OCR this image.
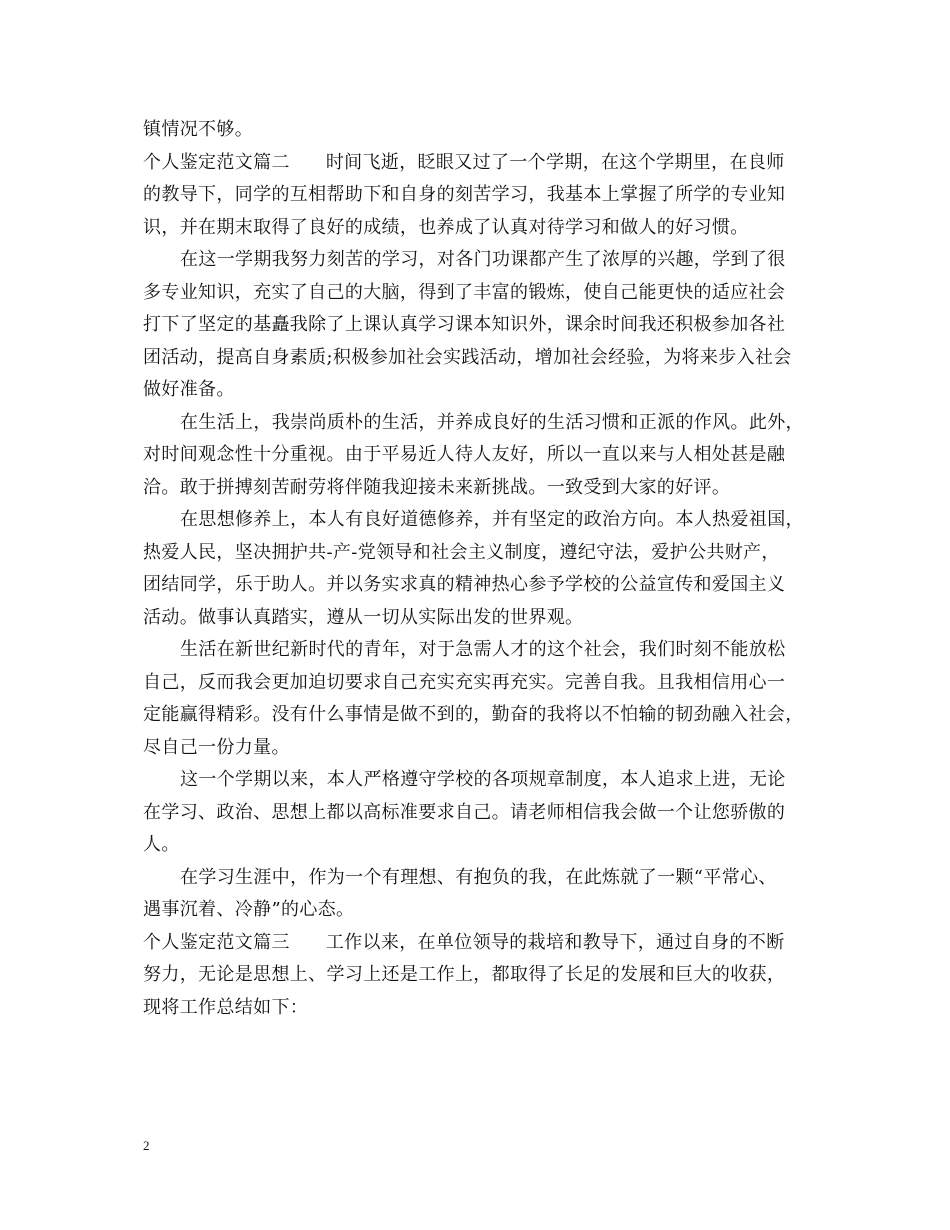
镇情况不够。
个人鉴定范文篇二 时间飞逝，眨眼又过了一个学期，在这个学期里，在良师
的教导下，同学的互相帮助下和自身的刻苦学习，我基本上掌握了所学的专业知
识，并在期末取得了良好的成绩，也养成了认真对待学习和做人的好习惯。
在这一学期我努力刻苦的学习，对各门功课都产生了浓厚的兴趣，学到了很
多专业知识，充实了自己的大脑，得到了丰富的锻炼，使自己能更快的适应社会
打下了坚定的基矗我除了上课认真学习课本知识外，课余时间我还积极参加各社
团活动，提高自身素质;积极参加社会实践活动，增加社会经验，为将来步入社会
做好准备。
在生活上，我崇尚质朴的生活，并养成良好的生活习惯和正派的作风。此外，
对时间观念性十分重视。由于平易近人待人友好，所以一直以来与人相处甚是融
洽。敢于拼搏刻苦耐劳将伴随我迎接未来新挑战。一致受到大家的好评。
在思想修养上，本人有良好道德修养，并有坚定的政治方向。本人热爱祖国，
热爱人民，坚决拥护共-产-党领导和社会主义制度，遵纪守法，爱护公共财产，
团结同学，乐于助人。并以务实求真的精神热心参予学校的公益宣传和爱国主义
活动。做事认真踏实，遵从一切从实际出发的世界观。
生活在新世纪新时代的青年，对于急需人才的这个社会，我们时刻不能放松
自己，反而我会更加迫切要求自己充实充实再充实。完善自我。且我相信用心一
定能赢得精彩。没有什么事情是做不到的，勤奋的我将以不怕输的韧劲融入社会，
尽自己一份力量。
这一个学期以来，本人严格遵守学校的各项规章制度，本人追求上进，无论
在学习、政治、思想上都以高标准要求自己。请老师相信我会做一个让您骄傲的
人。
在学习生涯中，作为一个有理想、有抱负的我，在此炼就了一颗“平常心、
遇事沉着、冷静”的心态。
个人鉴定范文篇三 工作以来，在单位领导的栽培和教导下，通过自身的不断
努力，无论是思想上、学习上还是工作上，都取得了长足的发展和巨大的收获，
现将工作总结如下：
2
